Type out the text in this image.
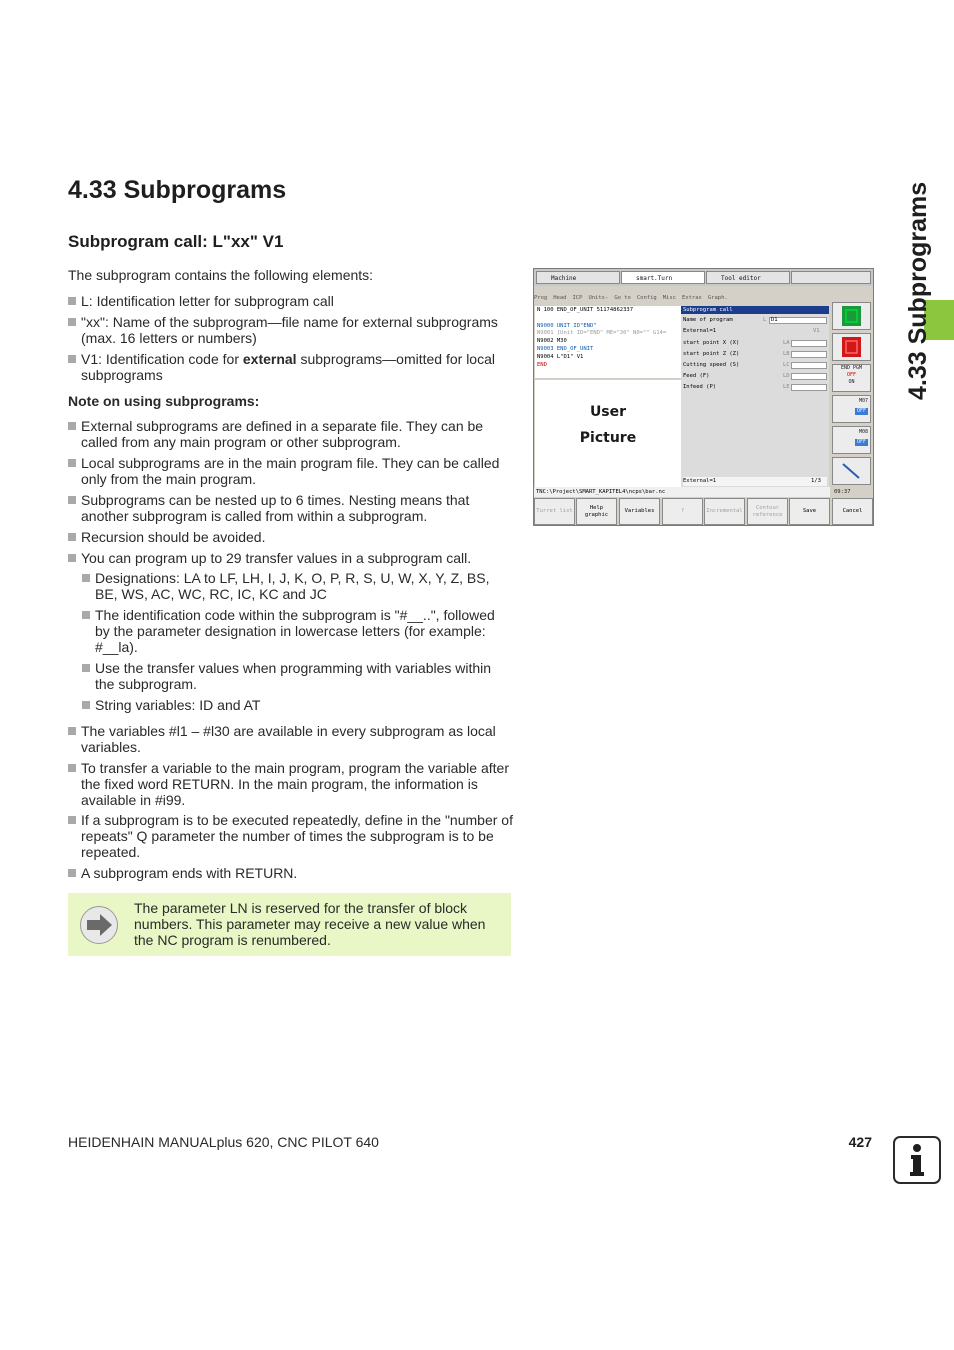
4.33 Subprograms
Subprogram call: L"xx" V1
The subprogram contains the following elements:
L: Identification letter for subprogram call
"xx": Name of the subprogram—file name for external subprograms (max. 16 letters or numbers)
V1: Identification code for external subprograms—omitted for local subprograms
Note on using subprograms:
External subprograms are defined in a separate file. They can be called from any main program or other subprogram.
Local subprograms are in the main program file. They can be called only from the main program.
Subprograms can be nested up to 6 times. Nesting means that another subprogram is called from within a subprogram.
Recursion should be avoided.
You can program up to 29 transfer values in a subprogram call.
Designations: LA to LF, LH, I, J, K, O, P, R, S, U, W, X, Y, Z, BS, BE, WS, AC, WC, RC, IC, KC and JC
The identification code within the subprogram is "#__..", followed by the parameter designation in lowercase letters (for example: #__la).
Use the transfer values when programming with variables within the subprogram.
String variables: ID and AT
The variables #l1 – #l30 are available in every subprogram as local variables.
To transfer a variable to the main program, program the variable after the fixed word RETURN. In the main program, the information is available in #i99.
If a subprogram is to be executed repeatedly, define in the "number of repeats" Q parameter the number of times the subprogram is to be repeated.
A subprogram ends with RETURN.
The parameter LN is reserved for the transfer of block numbers. This parameter may receive a new value when the NC program is renumbered.
Machine	smart.Turn	Tool editor
Prog Head ICP Units- Go to Config Misc Extras Graph.
N 100 END_OF_UNIT 51174862337

N9000 UNIT ID"END"
N9001 [Unit ID="END" ME="30" N0="" G14=
N9002 M30
N9003 END_OF_UNIT
N9004 L"D1" V1
END
User
Picture
Subprogram call
Name of program	L D1
External=1	V1
start point X (X)	LA
start point Z (Z)	LB
Cutting speed (S)	LC
Feed (F)	LD
Infeed (P)	LE
External=1	1/3
END PGM
OFF
ON
M07
OFF
M08
OFF
TNC:\Project\SMART_KAPITEL4\ncps\bar.nc	09:37
Turret list
Help graphic
Variables	?	Incremental
Contour reference
Save	Cancel
4.33 Subprograms
HEIDENHAIN MANUALplus 620, CNC PILOT 640	427
